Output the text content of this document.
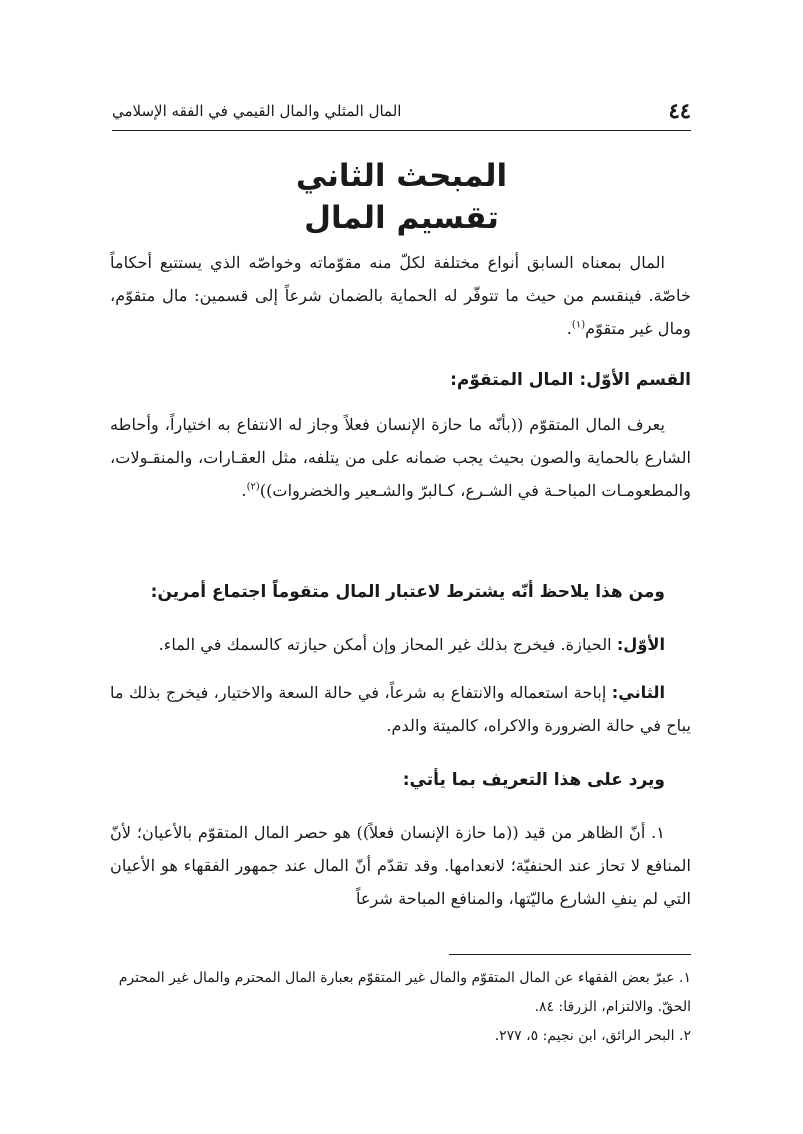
٤٤
المال المثلي والمال القيمي في الفقه الإسلامي
المبحث الثاني
تقسيم المال
المال بمعناه السابق أنواع مختلفة لكلّ منه مقوّماته وخواصّه الذي يستتبع أحكاماً خاصّة. فينقسم من حيث ما تتوفّر له الحماية بالضمان شرعاً إلى قسمين: مال متقوّم، ومال غير متقوّم$^{(١)}$.
القسم الأوّل: المال المتقوّم:
يعرف المال المتقوّم ((بأنّه ما حازة الإنسان فعلاً وجاز له الانتفاع به اختياراً، وأحاطه الشارع بالحماية والصون بحيث يجب ضمانه على من يتلفه، مثل العقـارات، والمنقـولات، والمطعومـات المباحـة في الشـرع، كـالبرّ والشـعير والخضروات))$^{(٢)}$.
ومن هذا يلاحظ أنّه يشترط لاعتبار المال متقوماً اجتماع أمرين:
الأوّل: الحيازة. فيخرج بذلك غير المحاز وإن أمكن حيازته كالسمك في الماء.
الثاني: إباحة استعماله والانتفاع به شرعاً، في حالة السعة والاختيار، فيخرج بذلك ما يباح في حالة الضرورة والاكراه، كالميتة والدم.
ويرد على هذا التعريف بما يأتي:
١. أنّ الظاهر من قيد ((ما حازة الإنسان فعلاً)) هو حصر المال المتقوّم بالأعيان؛ لأنّ المنافع لا تحاز عند الحنفيّة؛ لانعدامها. وقد تقدّم أنّ المال عند جمهور الفقهاء هو الأعيان التي لم ينفِ الشارع ماليّتها، والمنافع المباحة شرعاً
١. عبرّ بعض الفقهاء عن المال المتقوّم والمال غير المتقوّم بعبارة المال المحترم والمال غير المحترم
الحقّ. والالتزام، الزرقا: ٨٤.
٢. البحر الرائق، ابن نجيم: ٥، ٢٧٧.
